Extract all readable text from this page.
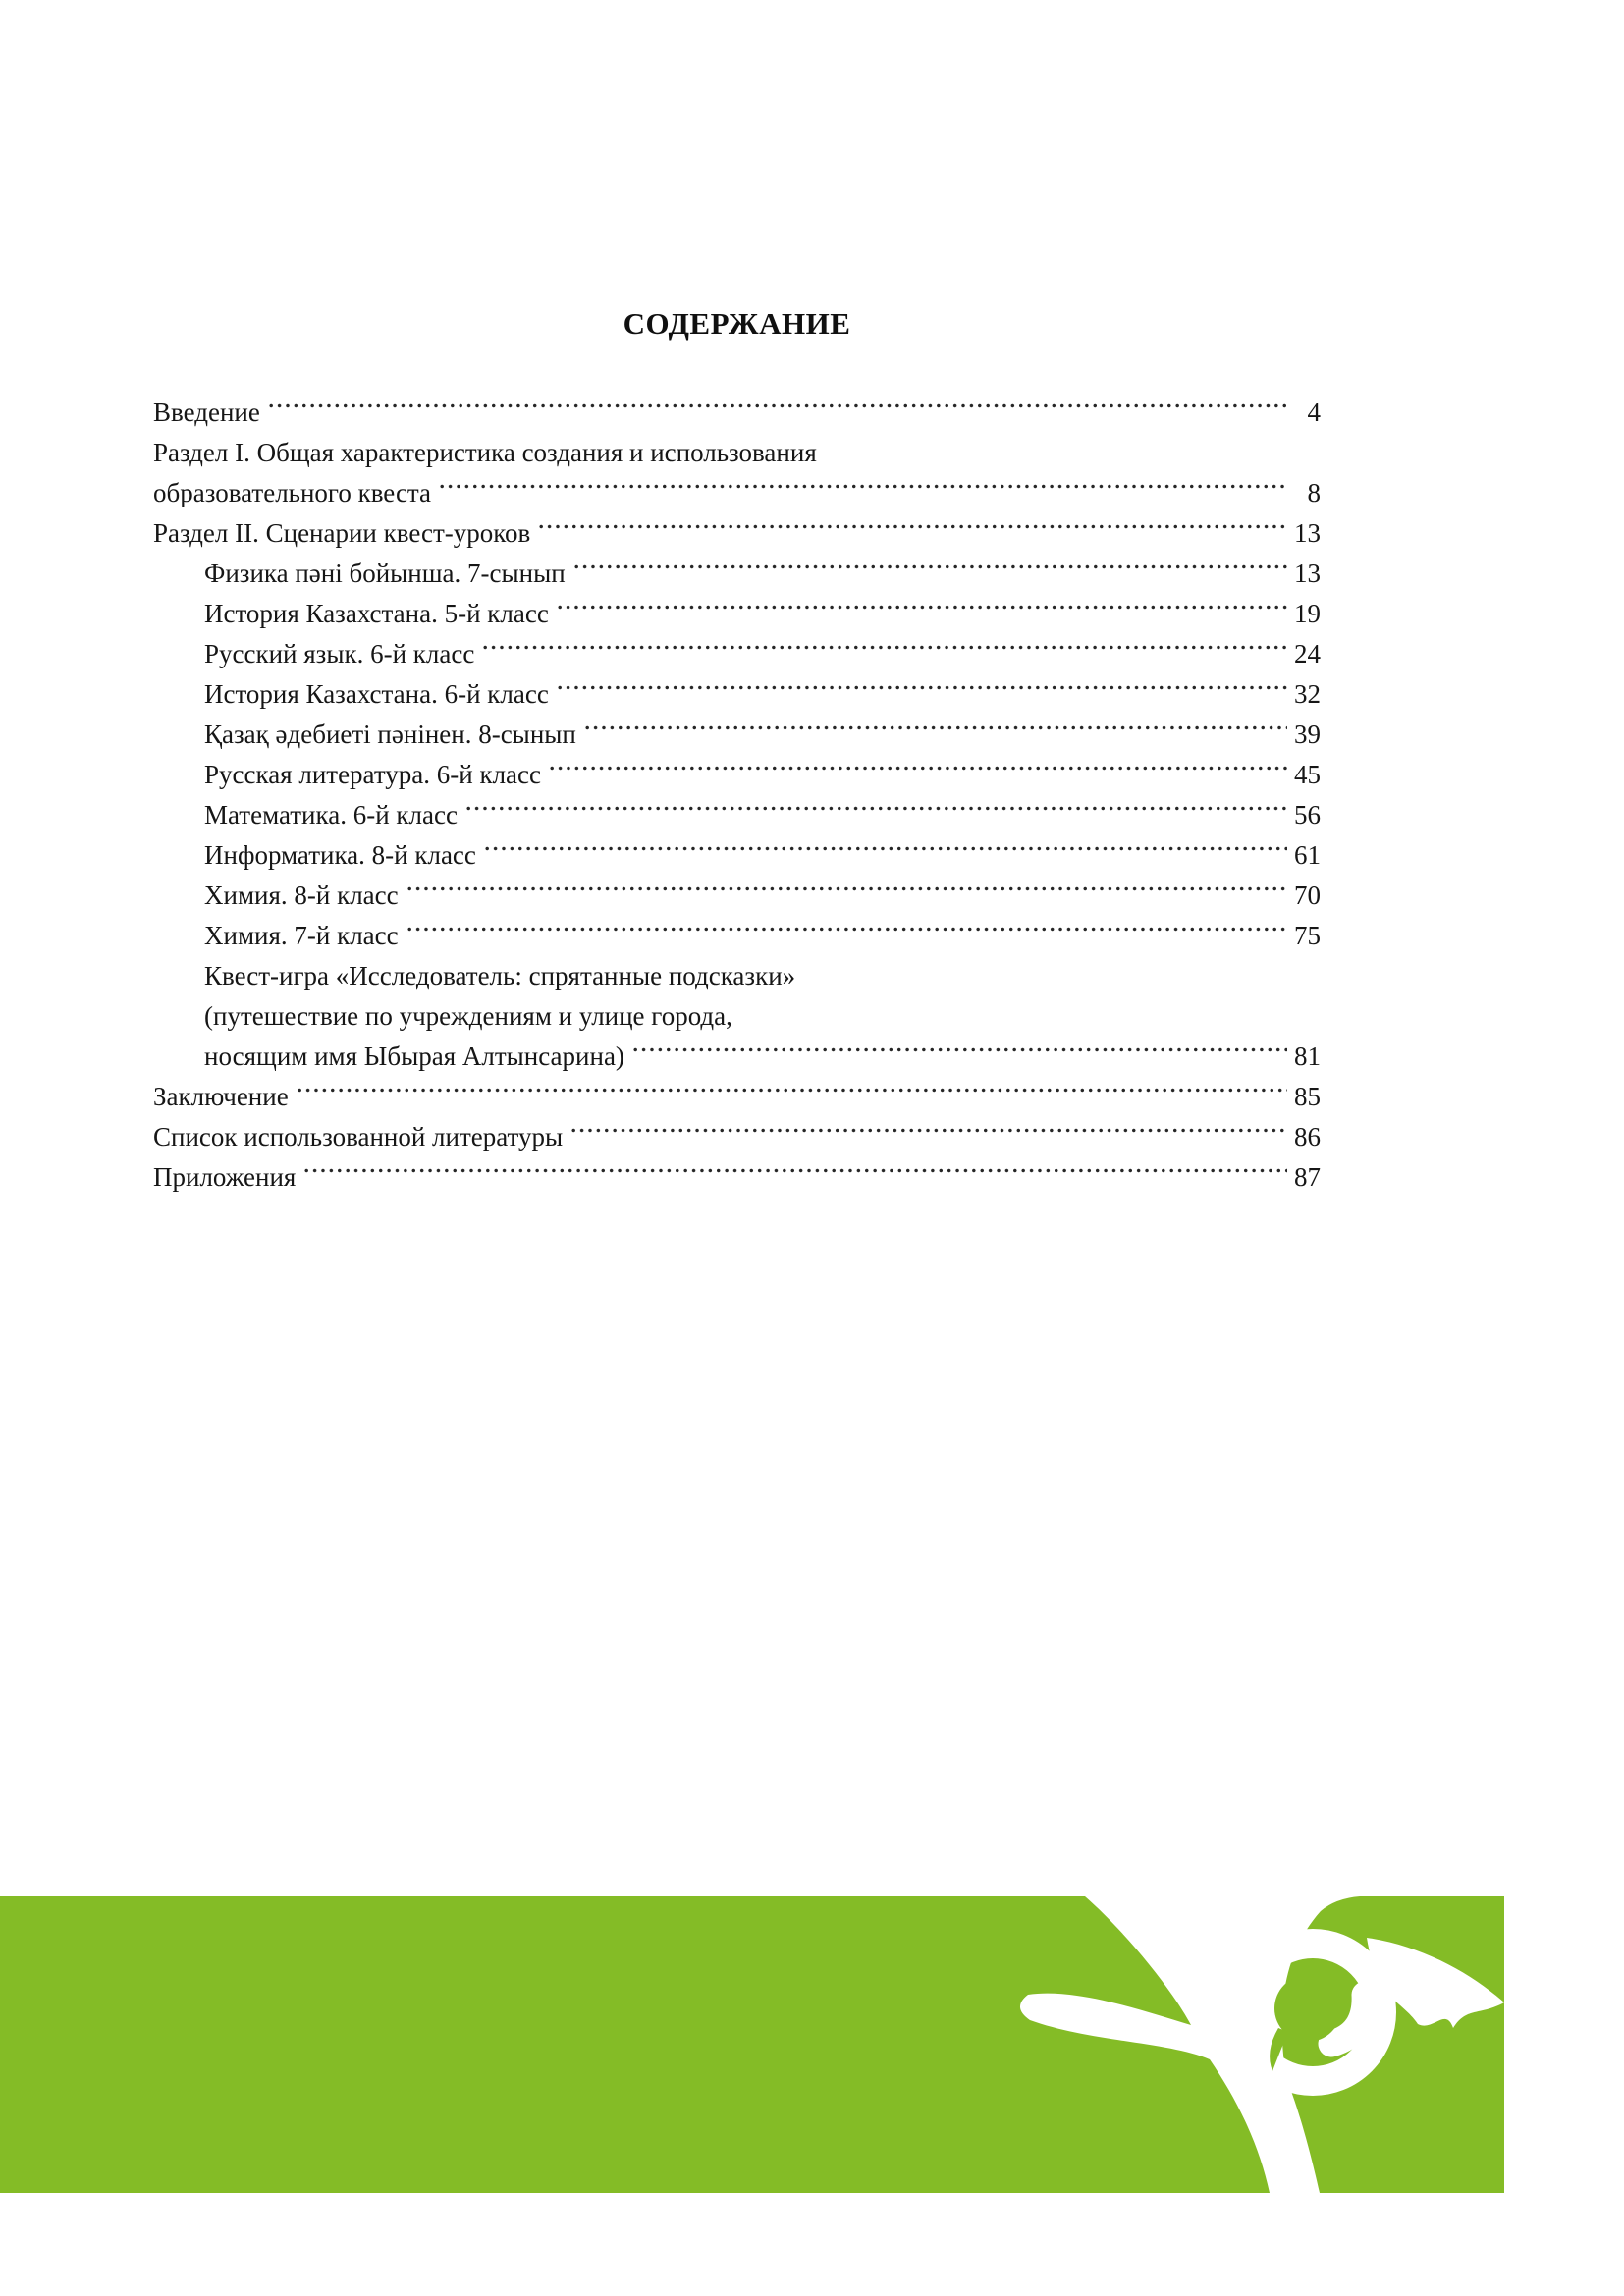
СОДЕРЖАНИЕ
Введение	4
Раздел I. Общая характеристика создания и использования
образовательного квеста	8
Раздел II. Сценарии квест-уроков	13
Физика пәні бойынша. 7-сынып	13
История Казахстана. 5-й класс	19
Русский язык. 6-й класс	24
История Казахстана. 6-й класс	32
Қазақ әдебиеті пәнінен. 8-сынып	39
Русская литература. 6-й класс	45
Математика. 6-й класс	56
Информатика. 8-й класс	61
Химия. 8-й класс	70
Химия. 7-й класс	75
Квест-игра «Исследователь: спрятанные подсказки»
(путешествие по учреждениям и улице города,
носящим имя Ыбырая Алтынсарина)	81
Заключение	85
Список использованной литературы	86
Приложения	87
